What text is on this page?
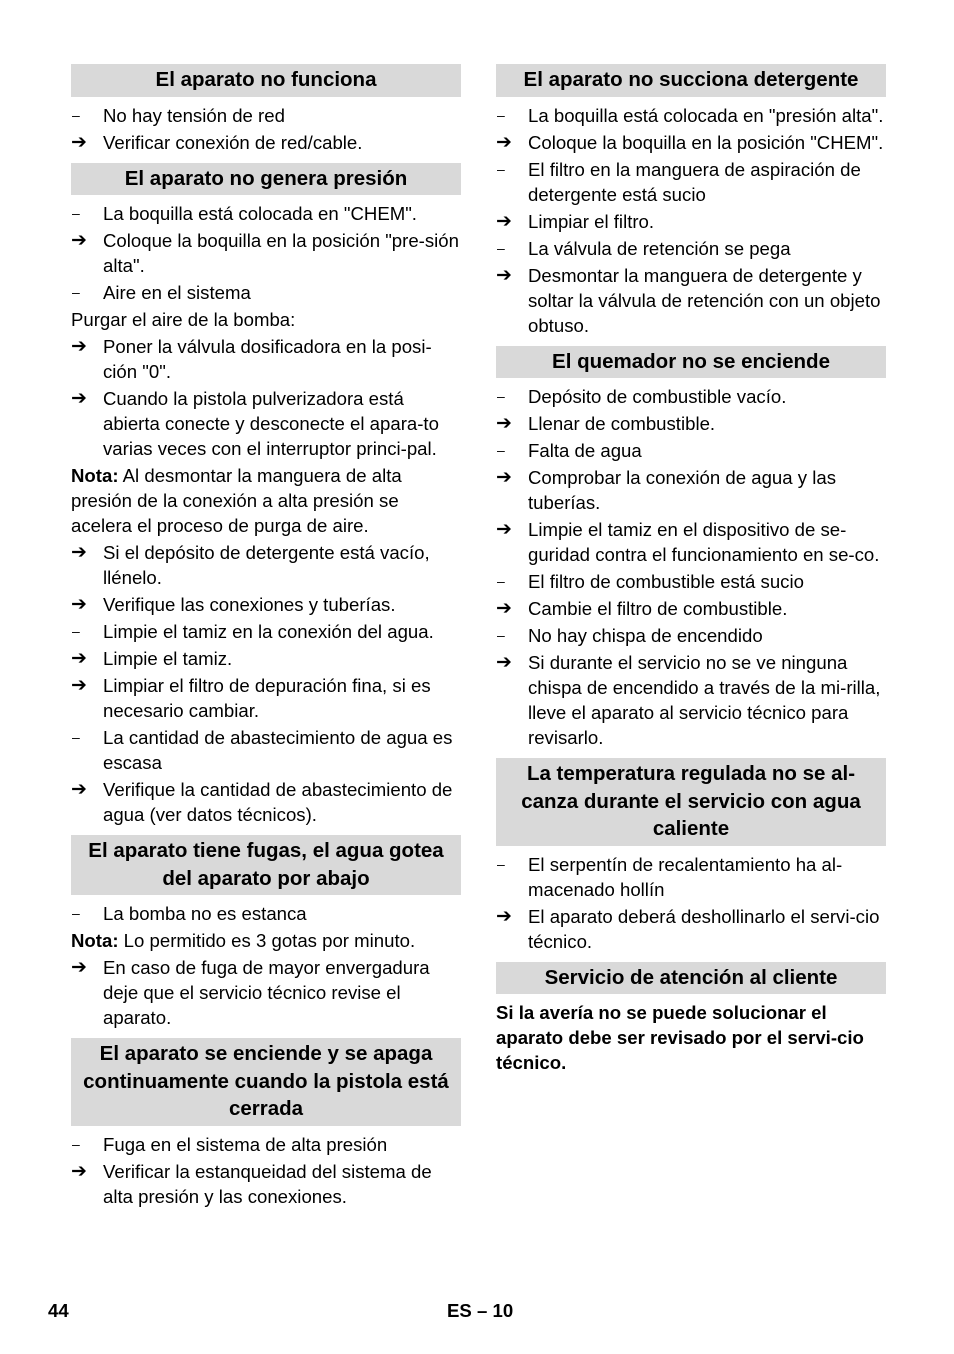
El aparato no funciona
–	No hay tensión de red
➔ Verificar conexión de red/cable.
El aparato no genera presión
–	La boquilla está colocada en "CHEM".
➔ Coloque la boquilla en la posición "pre-sión alta".
–	Aire en el sistema
Purgar el aire de la bomba:
➔ Poner la válvula dosificadora en la posi-ción "0".
➔ Cuando la pistola pulverizadora está abierta conecte y desconecte el apara-to varias veces con el interruptor princi-pal.
Nota: Al desmontar la manguera de alta presión de la conexión a alta presión se acelera el proceso de purga de aire.
➔ Si el depósito de detergente está vacío, llénelo.
➔ Verifique las conexiones y tuberías.
–	Limpie el tamiz en la conexión del agua.
➔ Limpie el tamiz.
➔ Limpiar el filtro de depuración fina, si es necesario cambiar.
–	La cantidad de abastecimiento de agua es escasa
➔ Verifique la cantidad de abastecimiento de agua (ver datos técnicos).
El aparato tiene fugas, el agua gotea del aparato por abajo
–	La bomba no es estanca
Nota: Lo permitido es 3 gotas por minuto.
➔ En caso de fuga de mayor envergadura deje que el servicio técnico revise el aparato.
El aparato se enciende y se apaga continuamente cuando la pistola está cerrada
–	Fuga en el sistema de alta presión
➔ Verificar la estanqueidad del sistema de alta presión y las conexiones.
El aparato no succiona detergente
–	La boquilla está colocada en "presión alta".
➔ Coloque la boquilla en la posición "CHEM".
–	El filtro en la manguera de aspiración de detergente está sucio
➔ Limpiar el filtro.
–	La válvula de retención se pega
➔ Desmontar la manguera de detergente y soltar la válvula de retención con un objeto obtuso.
El quemador no se enciende
–	Depósito de combustible vacío.
➔ Llenar de combustible.
–	Falta de agua
➔ Comprobar la conexión de agua y las tuberías.
➔ Limpie el tamiz en el dispositivo de se-guridad contra el funcionamiento en se-co.
–	El filtro de combustible está sucio
➔ Cambie el filtro de combustible.
–	No hay chispa de encendido
➔ Si durante el servicio no se ve ninguna chispa de encendido a través de la mi-rilla, lleve el aparato al servicio técnico para revisarlo.
La temperatura regulada no se al-canza durante el servicio con agua caliente
–	El serpentín de recalentamiento ha al-macenado hollín
➔ El aparato deberá deshollinarlo el servi-cio técnico.
Servicio de atención al cliente
Si la avería no se puede solucionar el aparato debe ser revisado por el servi-cio técnico.
44	ES – 10
